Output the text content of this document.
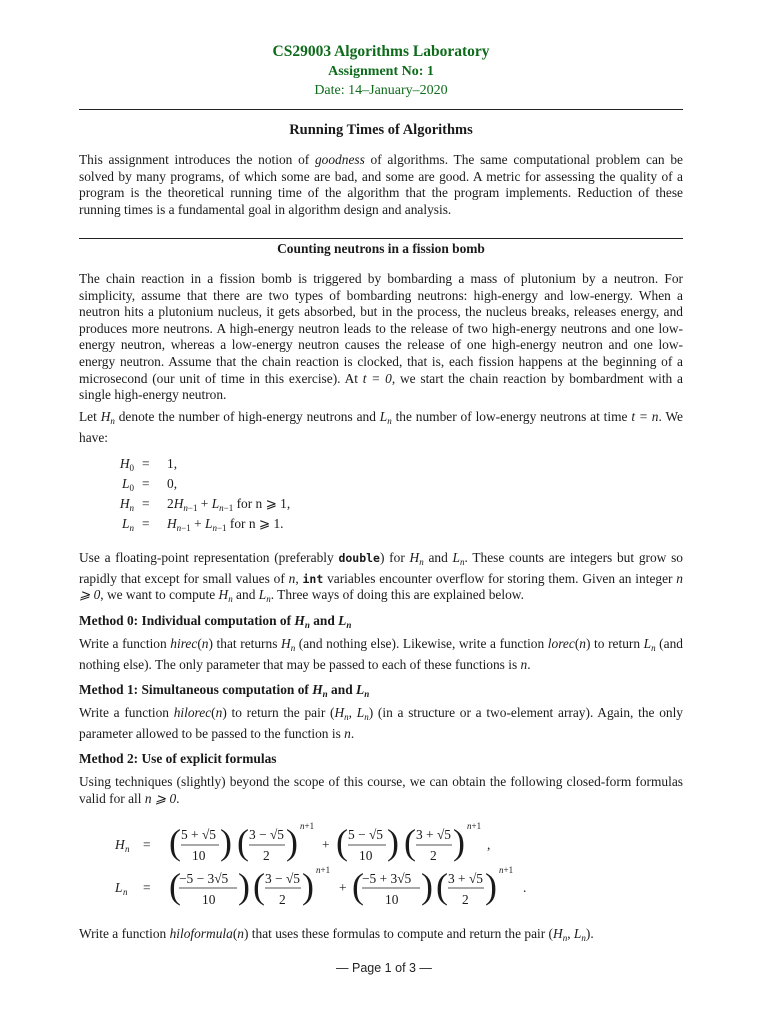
CS29003 Algorithms Laboratory
Assignment No: 1
Date: 14–January–2020
Running Times of Algorithms

This assignment introduces the notion of goodness of algorithms. The same computational problem can be solved by many programs, of which some are bad, and some are good. A metric for assessing the quality of a program is the theoretical running time of the algorithm that the program implements. Reduction of these running times is a fundamental goal in algorithm design and analysis.

Counting neutrons in a fission bomb

The chain reaction in a fission bomb is triggered by bombarding a mass of plutonium by a neutron. For simplicity, assume that there are two types of bombarding neutrons: high-energy and low-energy. When a neutron hits a plutonium nucleus, it gets absorbed, but in the process, the nucleus breaks, releases energy, and produces more neutrons. A high-energy neutron leads to the release of two high-energy neutrons and one low-energy neutron, whereas a low-energy neutron causes the release of one high-energy neutron and one low-energy neutron. Assume that the chain reaction is clocked, that is, each fission happens at the beginning of a microsecond (our unit of time in this exercise). At t = 0, we start the chain reaction by bombardment with a single high-energy neutron.

Let $H_n$ denote the number of high-energy neutrons and $L_n$ the number of low-energy neutrons at time t = n. We have:

$H_0 = 1$,
$L_0 = 0$,
$H_n = 2H_{n-1} + L_{n-1}$ for n ⩾ 1,
$L_n = H_{n-1} + L_{n-1}$ for n ⩾ 1.

Use a floating-point representation (preferably double) for $H_n$ and $L_n$. These counts are integers but grow so rapidly that except for small values of n, int variables encounter overflow for storing them. Given an integer n ⩾ 0, we want to compute $H_n$ and $L_n$. Three ways of doing this are explained below.

Method 0: Individual computation of $H_n$ and $L_n$

Write a function hirec(n) that returns $H_n$ (and nothing else). Likewise, write a function lorec(n) to return $L_n$ (and nothing else). The only parameter that may be passed to each of these functions is n.

Method 1: Simultaneous computation of $H_n$ and $L_n$

Write a function hilorec(n) to return the pair ($H_n$, $L_n$) (in a structure or a two-element array). Again, the only parameter allowed to be passed to the function is n.

Method 2: Use of explicit formulas

Using techniques (slightly) beyond the scope of this course, we can obtain the following closed-form formulas valid for all n ⩾ 0.

H n = ( 5 + √5
10 ) ( 3 − √5
2 ) n+1
+ ( 5 − √5
10 ) ( 3 + √5
2 ) n+1
,
L n = (
−5 − 3√5
10 ) ( 3 − √5
2 ) n+1
+ (
−5 + 3√5
10 ) ( 3 + √5
2 ) n+1
.

Write a function hiloformula(n) that uses these formulas to compute and return the pair ($H_n$, $L_n$).

— Page 1 of 3 —
